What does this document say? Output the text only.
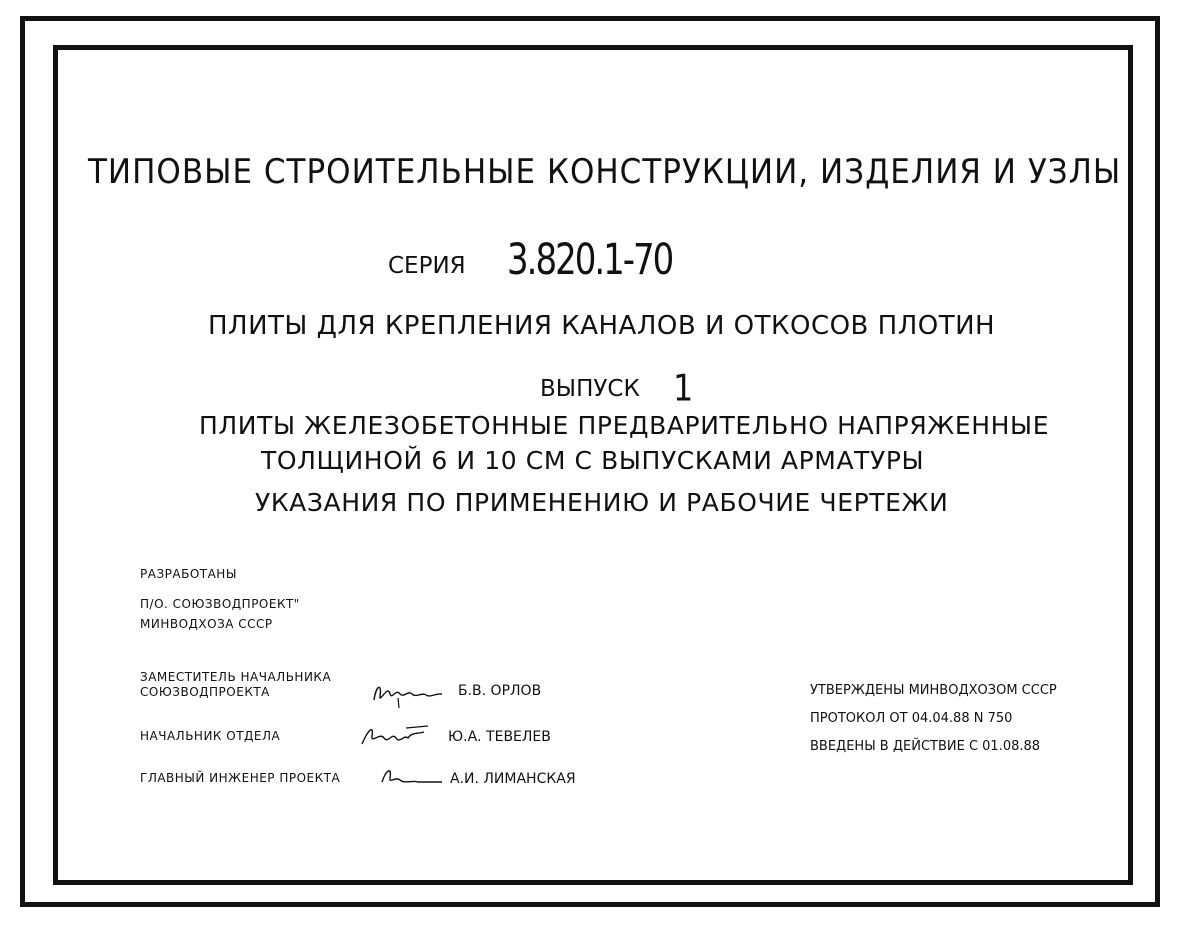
ТИПОВЫЕ СТРОИТЕЛЬНЫЕ КОНСТРУКЦИИ, ИЗДЕЛИЯ И УЗЛЫ
СЕРИЯ 3.820.1-70
ПЛИТЫ ДЛЯ КРЕПЛЕНИЯ КАНАЛОВ И ОТКОСОВ ПЛОТИН
ВЫПУСК 1
ПЛИТЫ ЖЕЛЕЗОБЕТОННЫЕ ПРЕДВАРИТЕЛЬНО НАПРЯЖЕННЫЕ
ТОЛЩИНОЙ 6 И 10 СМ С ВЫПУСКАМИ АРМАТУРЫ
УКАЗАНИЯ ПО ПРИМЕНЕНИЮ И РАБОЧИЕ ЧЕРТЕЖИ
РАЗРАБОТАНЫ
П/О. СОЮЗВОДПРОЕКТ"
МИНВОДХОЗА СССР
ЗАМЕСТИТЕЛЬ НАЧАЛЬНИКА
СОЮЗВОДПРОЕКТА	Б.В. ОРЛОВ
НАЧАЛЬНИК ОТДЕЛА	Ю.А. ТЕВЕЛЕВ
ГЛАВНЫЙ ИНЖЕНЕР ПРОЕКТА	А.И. ЛИМАНСКАЯ
УТВЕРЖДЕНЫ МИНВОДХОЗОМ СССР
ПРОТОКОЛ ОТ 04.04.88 N 750
ВВЕДЕНЫ В ДЕЙСТВИЕ С 01.08.88
